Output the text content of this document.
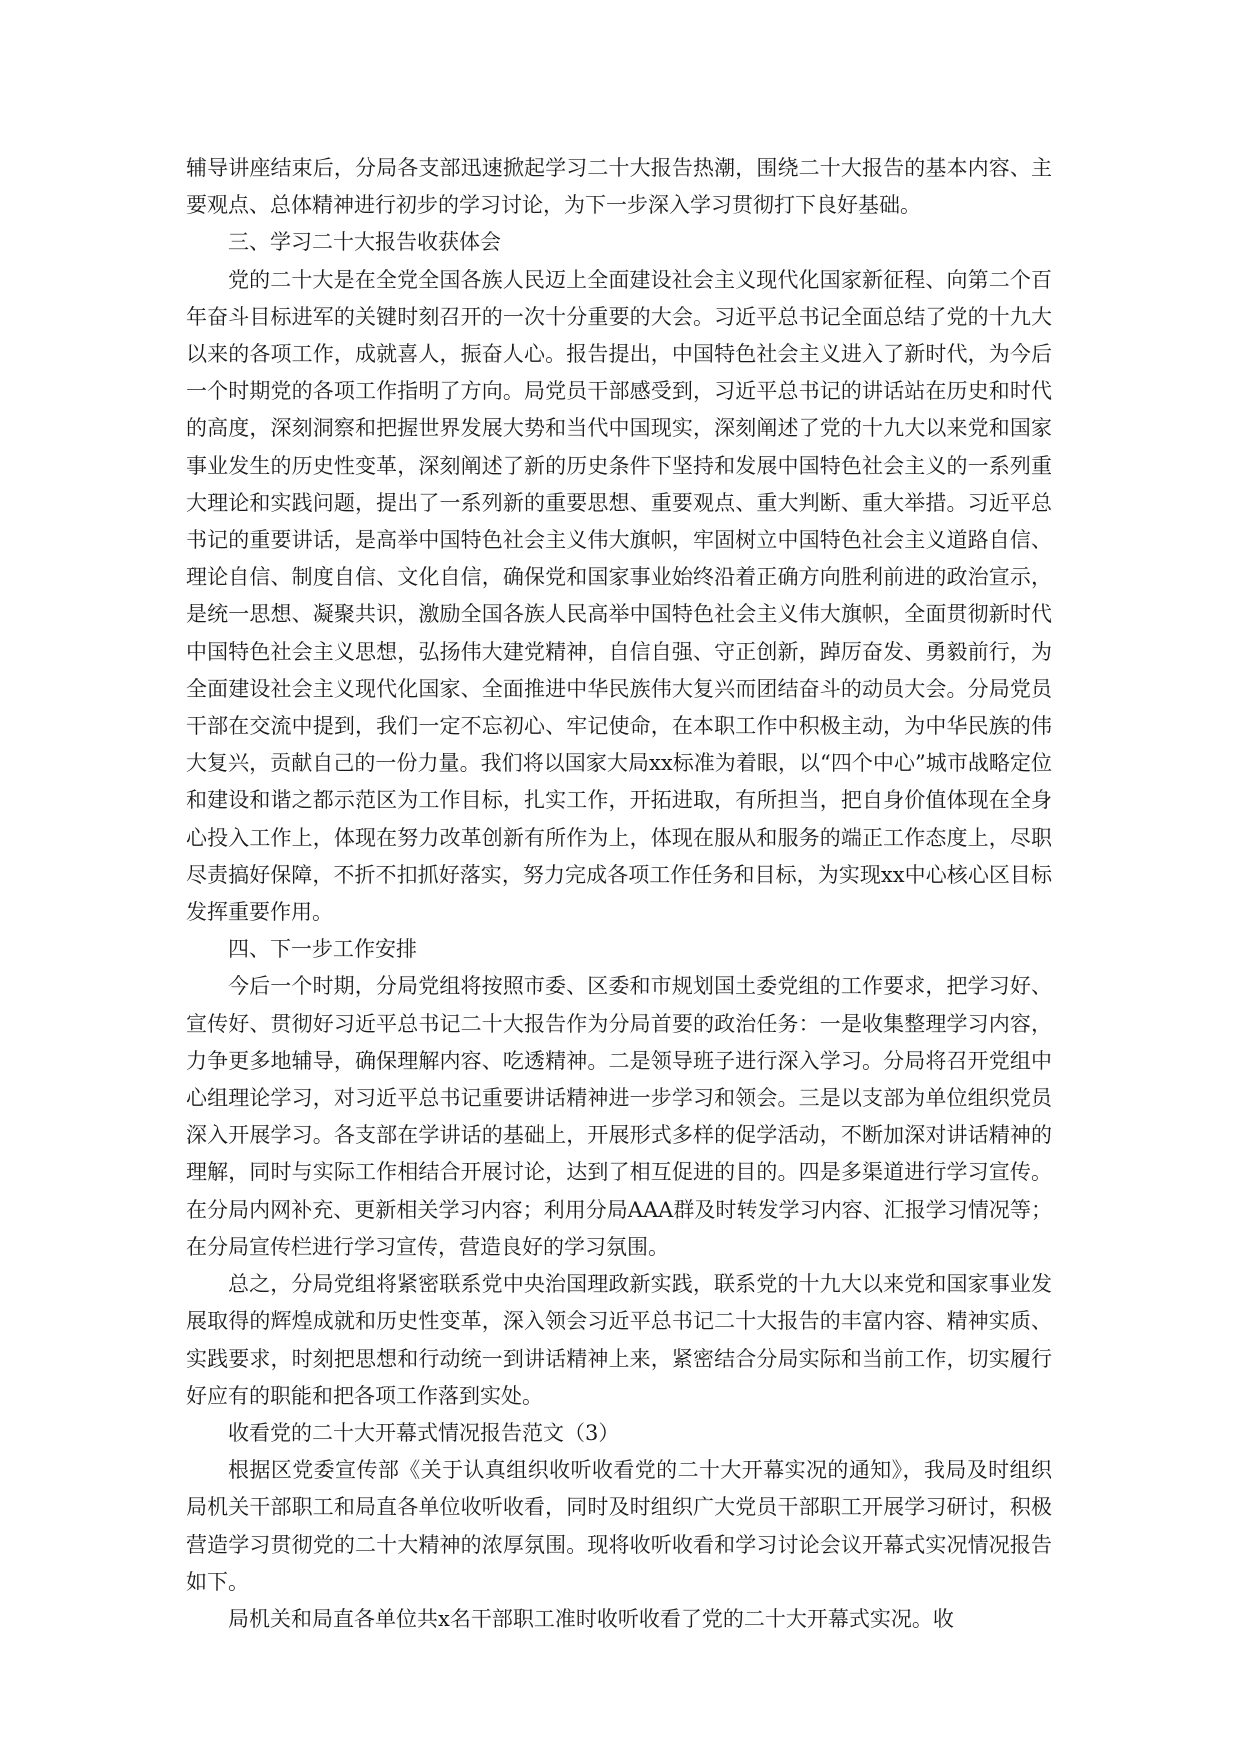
辅导讲座结束后，分局各支部迅速掀起学习二十大报告热潮，围绕二十大报告的基本内容、主要观点、总体精神进行初步的学习讨论，为下一步深入学习贯彻打下良好基础。

三、学习二十大报告收获体会

党的二十大是在全党全国各族人民迈上全面建设社会主义现代化国家新征程、向第二个百年奋斗目标进军的关键时刻召开的一次十分重要的大会。习近平总书记全面总结了党的十九大以来的各项工作，成就喜人，振奋人心。报告提出，中国特色社会主义进入了新时代，为今后一个时期党的各项工作指明了方向。局党员干部感受到，习近平总书记的讲话站在历史和时代的高度，深刻洞察和把握世界发展大势和当代中国现实，深刻阐述了党的十九大以来党和国家事业发生的历史性变革，深刻阐述了新的历史条件下坚持和发展中国特色社会主义的一系列重大理论和实践问题，提出了一系列新的重要思想、重要观点、重大判断、重大举措。习近平总书记的重要讲话，是高举中国特色社会主义伟大旗帜，牢固树立中国特色社会主义道路自信、理论自信、制度自信、文化自信，确保党和国家事业始终沿着正确方向胜利前进的政治宣示，是统一思想、凝聚共识，激励全国各族人民高举中国特色社会主义伟大旗帜，全面贯彻新时代中国特色社会主义思想，弘扬伟大建党精神，自信自强、守正创新，踔厉奋发、勇毅前行，为全面建设社会主义现代化国家、全面推进中华民族伟大复兴而团结奋斗的动员大会。分局党员干部在交流中提到，我们一定不忘初心、牢记使命，在本职工作中积极主动，为中华民族的伟大复兴，贡献自己的一份力量。我们将以国家大局xx标准为着眼，以“四个中心”城市战略定位和建设和谐之都示范区为工作目标，扎实工作，开拓进取，有所担当，把自身价值体现在全身心投入工作上，体现在努力改革创新有所作为上，体现在服从和服务的端正工作态度上，尽职尽责搞好保障，不折不扣抓好落实，努力完成各项工作任务和目标，为实现xx中心核心区目标发挥重要作用。

四、下一步工作安排

今后一个时期，分局党组将按照市委、区委和市规划国土委党组的工作要求，把学习好、宣传好、贯彻好习近平总书记二十大报告作为分局首要的政治任务：一是收集整理学习内容，力争更多地辅导，确保理解内容、吃透精神。二是领导班子进行深入学习。分局将召开党组中心组理论学习，对习近平总书记重要讲话精神进一步学习和领会。三是以支部为单位组织党员深入开展学习。各支部在学讲话的基础上，开展形式多样的促学活动，不断加深对讲话精神的理解，同时与实际工作相结合开展讨论，达到了相互促进的目的。四是多渠道进行学习宣传。在分局内网补充、更新相关学习内容；利用分局AAA群及时转发学习内容、汇报学习情况等；在分局宣传栏进行学习宣传，营造良好的学习氛围。

总之，分局党组将紧密联系党中央治国理政新实践，联系党的十九大以来党和国家事业发展取得的辉煌成就和历史性变革，深入领会习近平总书记二十大报告的丰富内容、精神实质、实践要求，时刻把思想和行动统一到讲话精神上来，紧密结合分局实际和当前工作，切实履行好应有的职能和把各项工作落到实处。

收看党的二十大开幕式情况报告范文（3）

根据区党委宣传部《关于认真组织收听收看党的二十大开幕实况的通知》，我局及时组织局机关干部职工和局直各单位收听收看，同时及时组织广大党员干部职工开展学习研讨，积极营造学习贯彻党的二十大精神的浓厚氛围。现将收听收看和学习讨论会议开幕式实况情况报告如下。

局机关和局直各单位共x名干部职工准时收听收看了党的二十大开幕式实况。收
